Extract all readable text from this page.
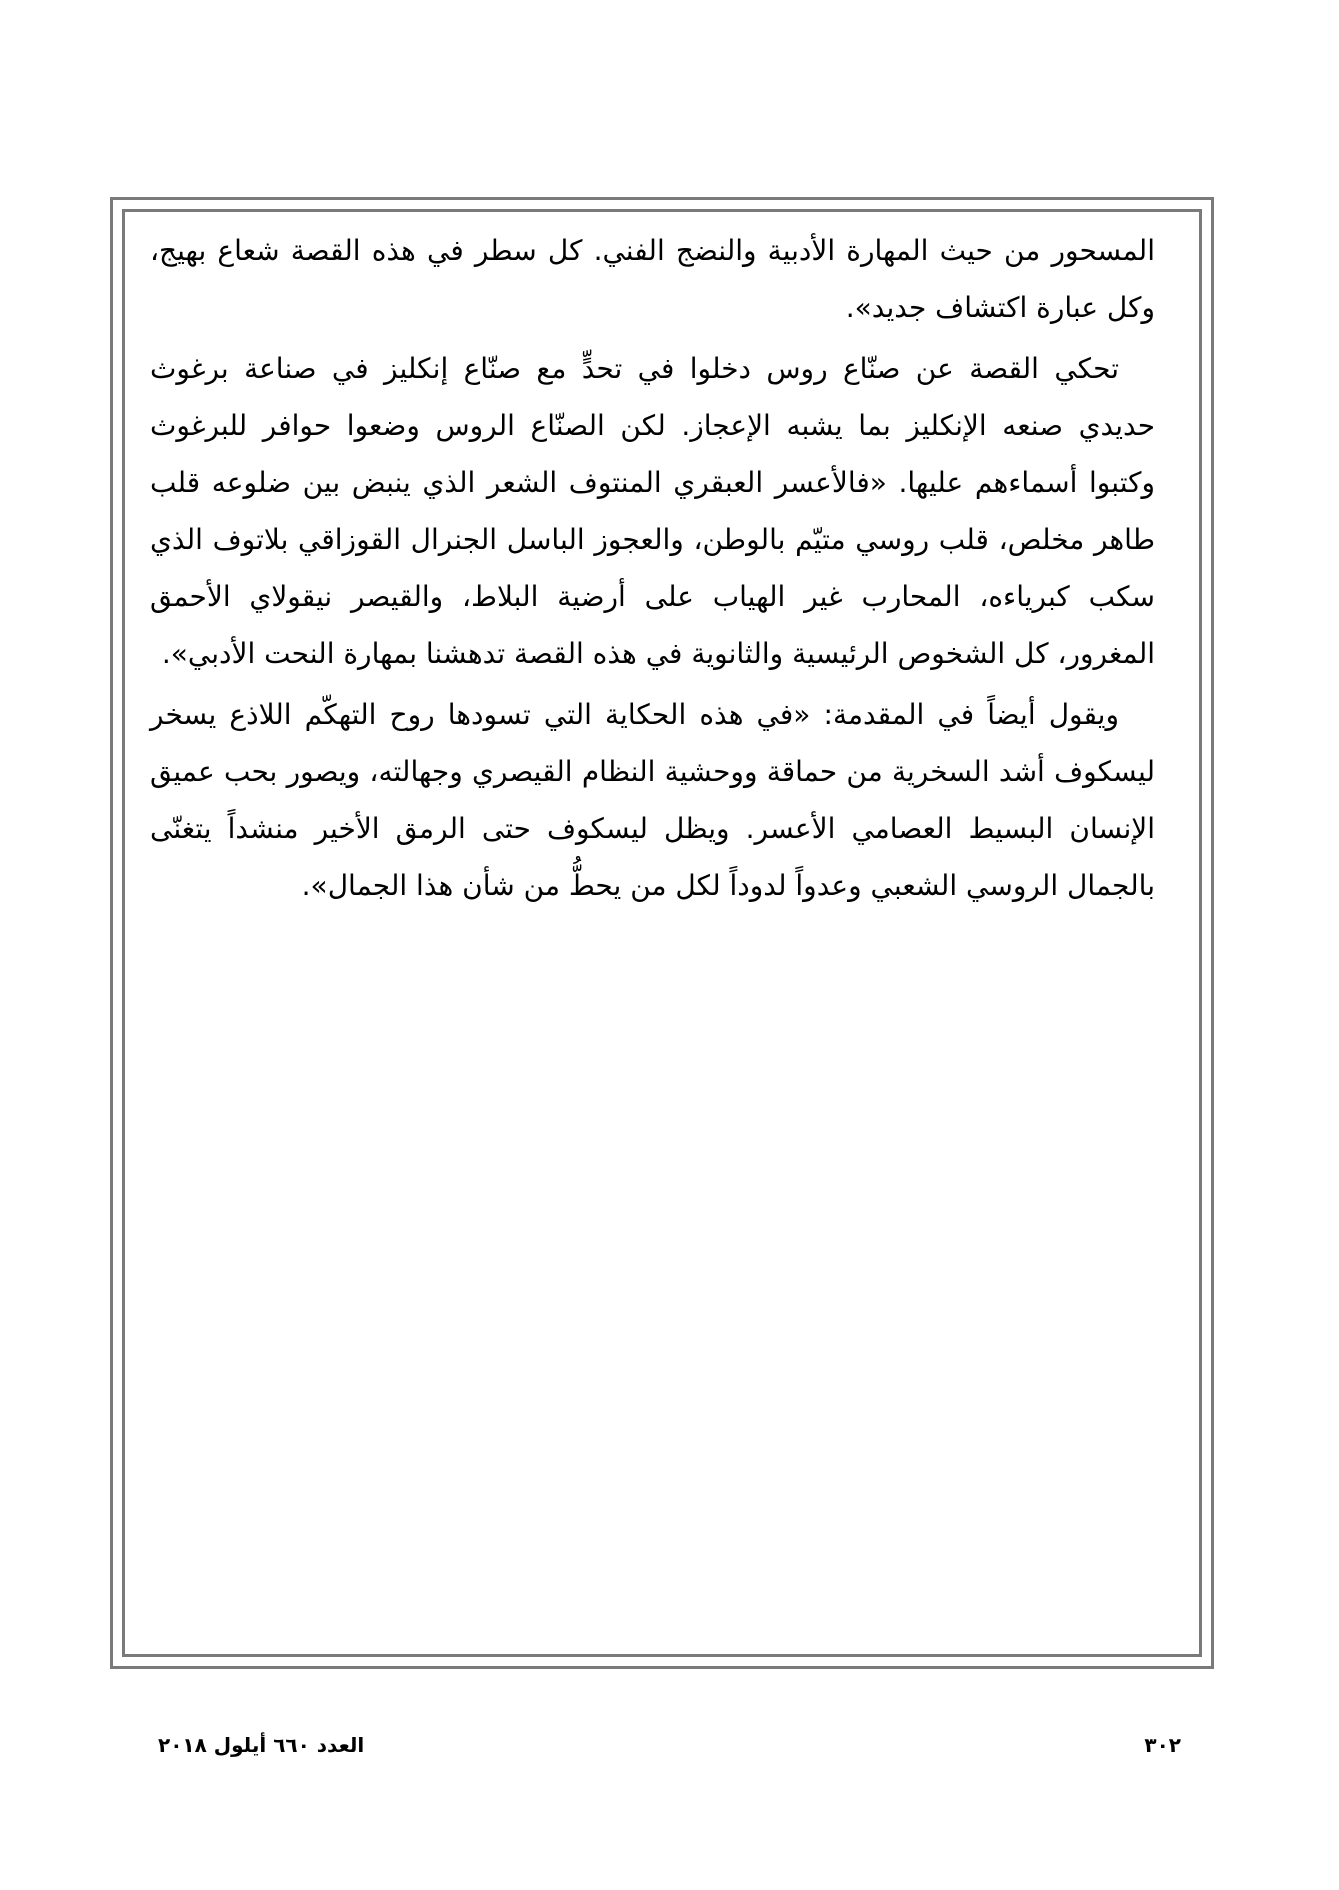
المسحور من حيث المهارة الأدبية والنضج الفني. كل سطر في هذه القصة شعاع بهيج، وكل عبارة اكتشاف جديد».

تحكي القصة عن صنّاع روس دخلوا في تحدٍّ مع صنّاع إنكليز في صناعة برغوث حديدي صنعه الإنكليز بما يشبه الإعجاز. لكن الصنّاع الروس وضعوا حوافر للبرغوث وكتبوا أسماءهم عليها. «فالأعسر العبقري المنتوف الشعر الذي ينبض بين ضلوعه قلب طاهر مخلص، قلب روسي متيّم بالوطن، والعجوز الباسل الجنرال القوزاقي بلاتوف الذي سكب كبرياءه، المحارب غير الهياب على أرضية البلاط، والقيصر نيقولاي الأحمق المغرور، كل الشخوص الرئيسية والثانوية في هذه القصة تدهشنا بمهارة النحت الأدبي».

ويقول أيضاً في المقدمة: «في هذه الحكاية التي تسودها روح التهكّم اللاذع يسخر ليسكوف أشد السخرية من حماقة ووحشية النظام القيصري وجهالته، ويصور بحب عميق الإنسان البسيط العصامي الأعسر. ويظل ليسكوف حتى الرمق الأخير منشداً يتغنّى بالجمال الروسي الشعبي وعدواً لدوداً لكل من يحطُّ من شأن هذا الجمال».

٣٠٢
العدد ٦٦٠ أيلول ٢٠١٨
